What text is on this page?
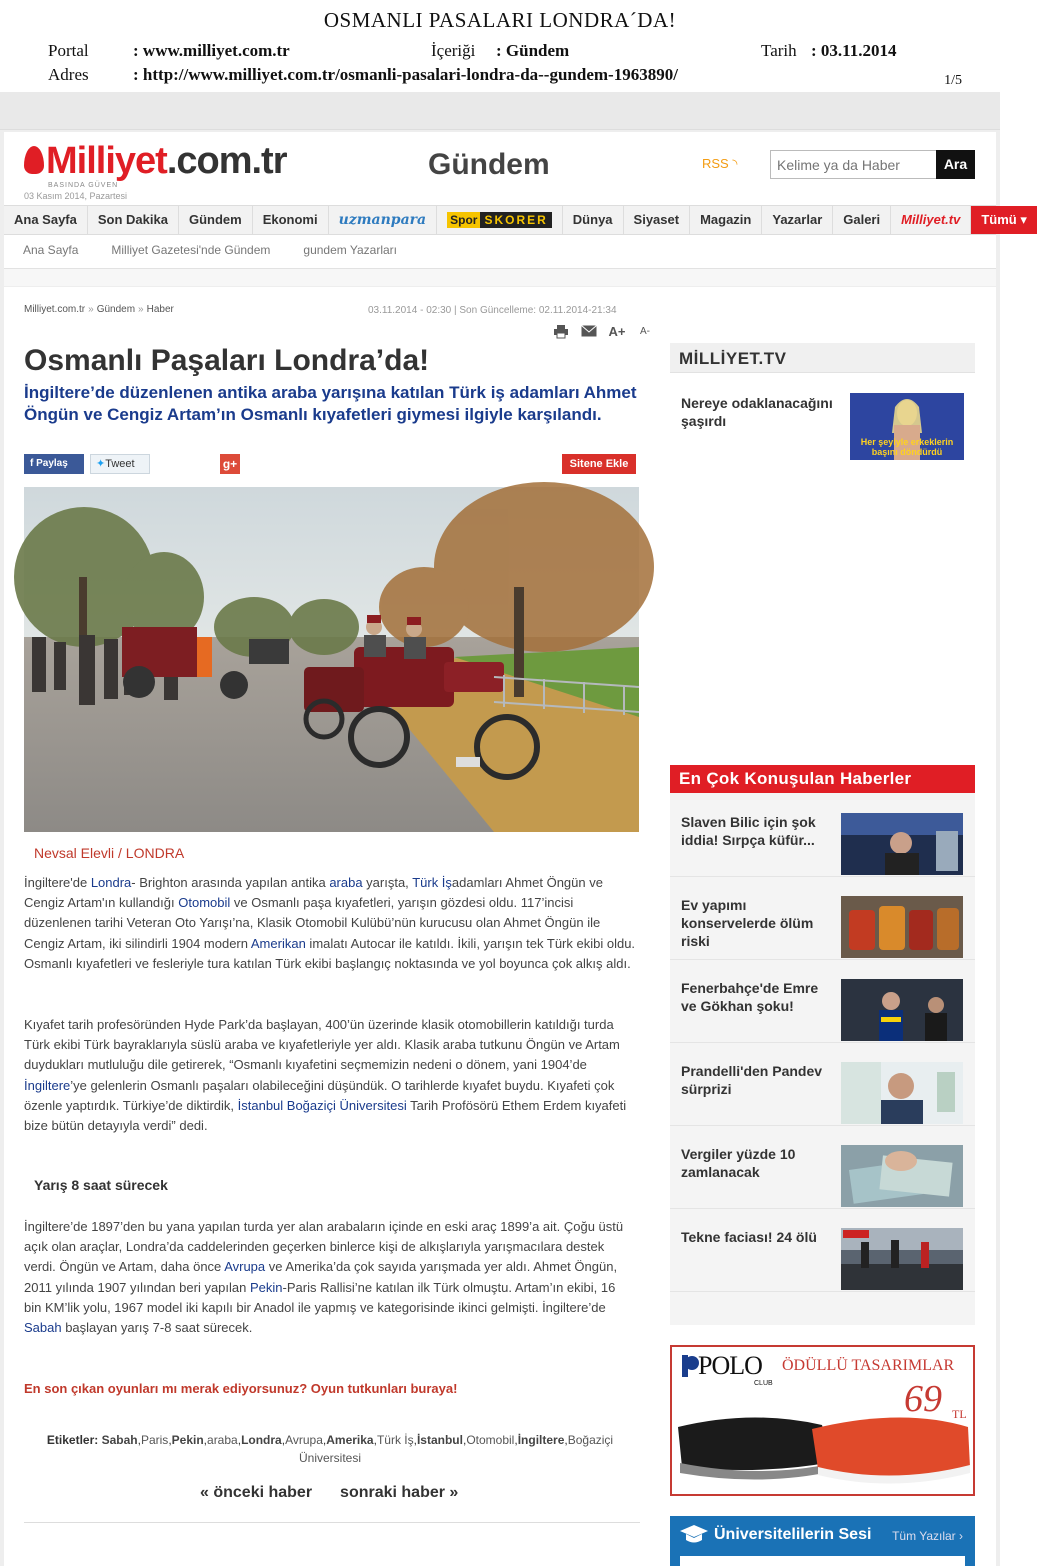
OSMANLI PASALARI LONDRA´DA!
Portal	: www.milliyet.com.tr	İçeriği : Gündem	Tarih : 03.11.2014
Adres	: http://www.milliyet.com.tr/osmanli-pasalari-londra-da--gundem-1963890/	1/5
Milliyet.com.tr
BASINDA GÜVEN
03 Kasım 2014, Pazartesi
Gündem	RSS ◝
Kelime ya da Haber	Ara
Ana Sayfa	Son Dakika	Gündem	Ekonomi	uzmanpara	Spor SKORER	Dünya	Siyaset	Magazin	Yazarlar	Galeri	Milliyet.tv	Tümü ▾
Ana Sayfa	Milliyet Gazetesi'nde Gündem	gundem Yazarları
Milliyet.com.tr » Gündem » Haber	03.11.2014 - 02:30 | Son Güncelleme: 02.11.2014-21:34
A+	A-
Osmanlı Paşaları Londra’da!
İngiltere’de düzenlenen antika araba yarışına katılan Türk iş adamları Ahmet Öngün ve Cengiz Artam’ın Osmanlı kıyafetleri giymesi ilgiyle karşılandı.
f Paylaş	✦Tweet	g+	Sitene Ekle
Nevsal Elevli / LONDRA
İngiltere'de Londra- Brighton arasında yapılan antika araba yarışta, Türk İşadamları Ahmet Öngün ve Cengiz Artam'ın kullandığı Otomobil ve Osmanlı paşa kıyafetleri, yarışın gözdesi oldu. 117’incisi düzenlenen tarihi Veteran Oto Yarışı’na, Klasik Otomobil Kulübü’nün kurucusu olan Ahmet Öngün ile Cengiz Artam, iki silindirli 1904 modern Amerikan imalatı Autocar ile katıldı. İkili, yarışın tek Türk ekibi oldu. Osmanlı kıyafetleri ve fesleriyle tura katılan Türk ekibi başlangıç noktasında ve yol boyunca çok alkış aldı.
Kıyafet tarih profesöründen Hyde Park’da başlayan, 400’ün üzerinde klasik otomobillerin katıldığı turda Türk ekibi Türk bayraklarıyla süslü araba ve kıyafetleriyle yer aldı. Klasik araba tutkunu Öngün ve Artam duydukları mutluluğu dile getirerek, “Osmanlı kıyafetini seçmemizin nedeni o dönem, yani 1904’de İngiltere’ye gelenlerin Osmanlı paşaları olabileceğini düşündük. O tarihlerde kıyafet buydu. Kıyafeti çok özenle yaptırdık. Türkiye’de diktirdik, İstanbul Boğaziçi Üniversitesi Tarih Profösörü Ethem Erdem kıyafeti bize bütün detayıyla verdi” dedi.
Yarış 8 saat sürecek
İngiltere’de 1897’den bu yana yapılan turda yer alan arabaların içinde en eski araç 1899’a ait. Çoğu üstü açık olan araçlar, Londra’da caddelerinden geçerken binlerce kişi de alkışlarıyla yarışmacılara destek verdi. Öngün ve Artam, daha önce Avrupa ve Amerika’da çok sayıda yarışmada yer aldı. Ahmet Öngün, 2011 yılında 1907 yılından beri yapılan Pekin-Paris Rallisi’ne katılan ilk Türk olmuştu. Artam’ın ekibi, 16 bin KM’lik yolu, 1967 model iki kapılı bir Anadol ile yapmış ve kategorisinde ikinci gelmişti. İngiltere’de Sabah başlayan yarış 7-8 saat sürecek.
En son çıkan oyunları mı merak ediyorsunuz? Oyun tutkunları buraya!
Etiketler: Sabah,Paris,Pekin,araba,Londra,Avrupa,Amerika,Türk İş,İstanbul,Otomobil,İngiltere,Boğaziçi Üniversitesi
« önceki haber sonraki haber »
MİLLİYET.TV
Nereye odaklanacağını şaşırdı
Her şeyiyle erkeklerin başını döndürdü
En Çok Konuşulan Haberler
Slaven Bilic için şok iddia! Sırpça küfür...
Ev yapımı konservelerde ölüm riski
Fenerbahçe'de Emre ve Gökhan şoku!
Prandelli'den Pandev sürprizi
Vergiler yüzde 10 zamlanacak
Tekne faciası! 24 ölü
POLO
CLUB
ÖDÜLLÜ TASARIMLAR
69 TL
Üniversitelilerin Sesi Tüm Yazılar ›
